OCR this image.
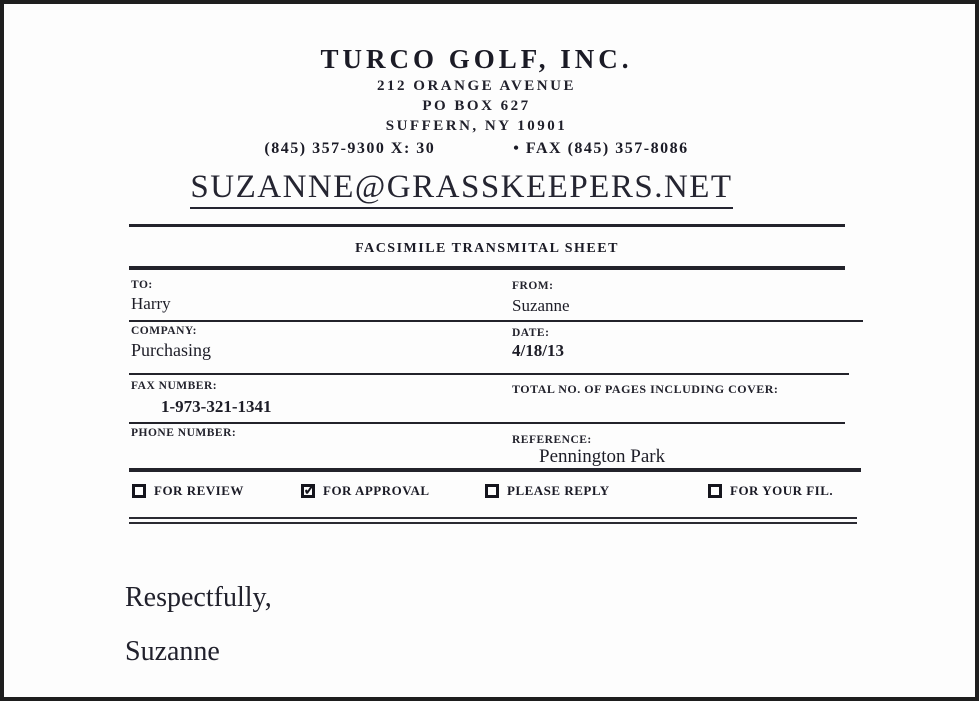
TURCO GOLF, INC.
212 ORANGE AVENUE
PO BOX 627
SUFFERN, NY 10901
(845) 357-9300 X: 30	• FAX (845) 357-8086
SUZANNE@GRASSKEEPERS.NET
FACSIMILE TRANSMITAL SHEET
TO:
Harry
FROM:
Suzanne
COMPANY:
Purchasing
DATE:
4/18/13
FAX NUMBER:
1-973-321-1341
TOTAL NO. OF PAGES INCLUDING COVER:
PHONE NUMBER:
REFERENCE:
Pennington Park
FOR REVIEW ✓	FOR APPROVAL	PLEASE REPLY	FOR YOUR FIL.
Respectfully,
Suzanne
